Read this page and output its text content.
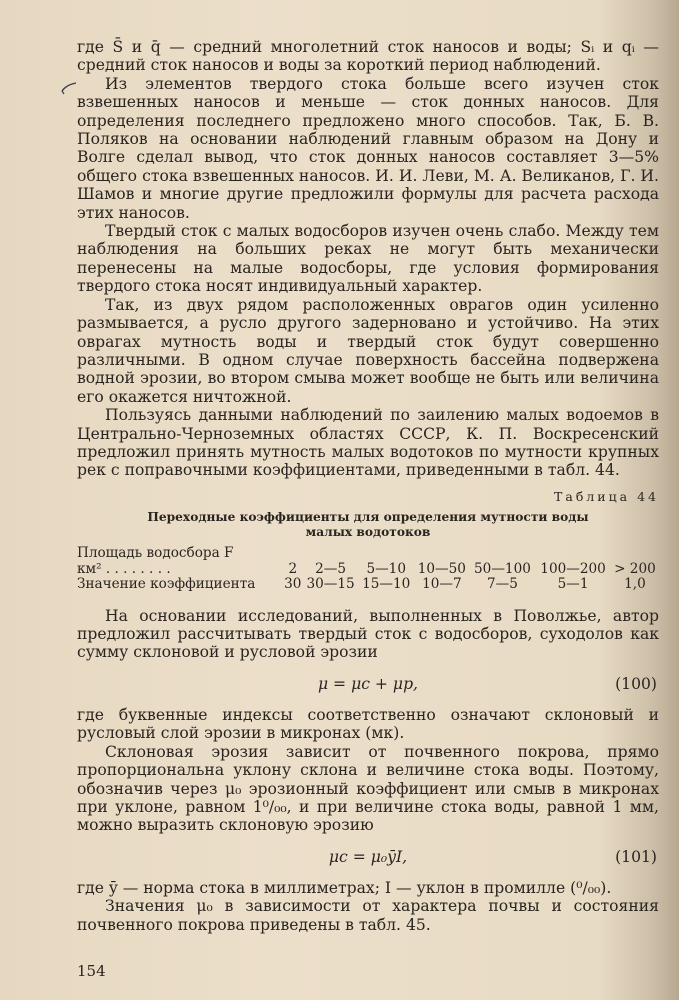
где S̄ и q̄ — средний многолетний сток наносов и воды; Sᵢ и qᵢ — средний сток наносов и воды за короткий период наблюдений.

Из элементов твердого стока больше всего изучен сток взвешенных наносов и меньше — сток донных наносов. Для определения последнего предложено много способов. Так, Б. В. Поляков на основании наблюдений главным образом на Дону и Волге сделал вывод, что сток донных наносов составляет 3—5% общего стока взвешенных наносов. И. И. Леви, М. А. Великанов, Г. И. Шамов и многие другие предложили формулы для расчета расхода этих наносов.

Твердый сток с малых водосборов изучен очень слабо. Между тем наблюдения на больших реках не могут быть механически перенесены на малые водосборы, где условия формирования твердого стока носят индивидуальный характер.

Так, из двух рядом расположенных оврагов один усиленно размывается, а русло другого задерновано и устойчиво. На этих оврагах мутность воды и твердый сток будут совершенно различными. В одном случае поверхность бассейна подвержена водной эрозии, во втором смыва может вообще не быть или величина его окажется ничтожной.

Пользуясь данными наблюдений по заилению малых водоемов в Центрально-Черноземных областях СССР, К. П. Воскресенский предложил принять мутность малых водотоков по мутности крупных рек с поправочными коэффициентами, приведенными в табл. 44.

Таблица 44
Переходные коэффициенты для определения мутности воды
малых водотоков
Площадь водосбора F							
км² . . . . . . . .	2	2—5	5—10	10—50	50—100	100—200	> 200
Значение коэффициента	30	30—15	15—10	10—7	7—5	5—1	1,0

На основании исследований, выполненных в Поволжье, автор предложил рассчитывать твердый сток с водосборов, суходолов как сумму склоновой и русловой эрозии

μ = μс + μр,	(100)

где буквенные индексы соответственно означают склоновый и русловый слой эрозии в микронах (мк).

Склоновая эрозия зависит от почвенного покрова, прямо пропорциональна уклону склона и величине стока воды. Поэтому, обозначив через μ₀ эрозионный коэффициент или смыв в микронах при уклоне, равном 1⁰/₀₀, и при величине стока воды, равной 1 мм, можно выразить склоновую эрозию

μс = μ₀ȳI,	(101)

где ȳ — норма стока в миллиметрах; I — уклон в промилле (⁰/₀₀).

Значения μ₀ в зависимости от характера почвы и состояния почвенного покрова приведены в табл. 45.

154
